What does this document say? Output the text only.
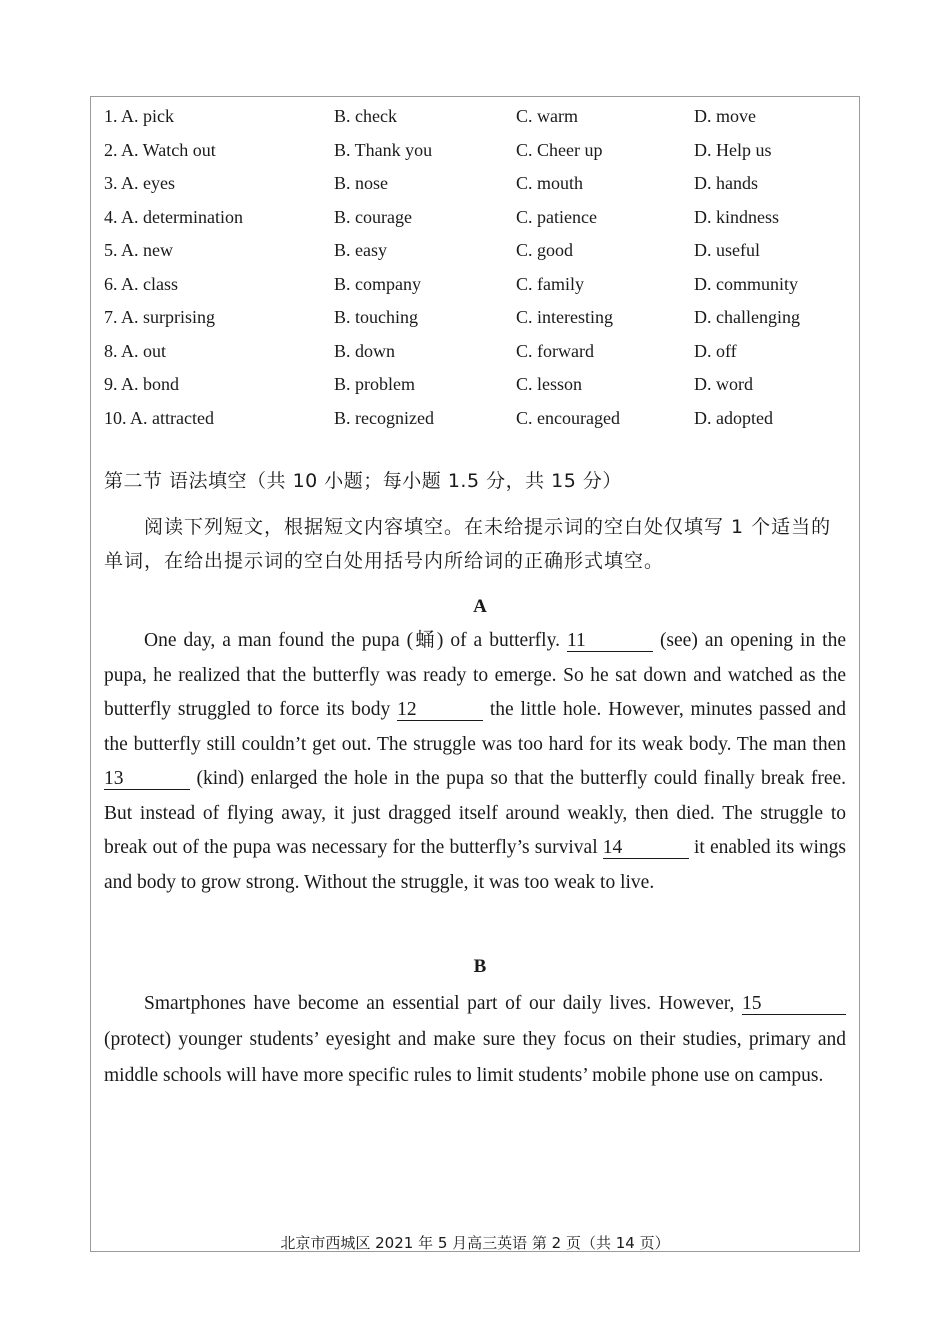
1. A. pick	B. check	C. warm	D. move
2. A. Watch out	B. Thank you	C. Cheer up	D. Help us
3. A. eyes	B. nose	C. mouth	D. hands
4. A. determination	B. courage	C. patience	D. kindness
5. A. new	B. easy	C. good	D. useful
6. A. class	B. company	C. family	D. community
7. A. surprising	B. touching	C. interesting	D. challenging
8. A. out	B. down	C. forward	D. off
9. A. bond	B. problem	C. lesson	D. word
10. A. attracted	B. recognized	C. encouraged	D. adopted
第二节 语法填空（共 10 小题；每小题 1.5 分，共 15 分）
阅读下列短文，根据短文内容填空。在未给提示词的空白处仅填写 1 个适当的单词，在给出提示词的空白处用括号内所给词的正确形式填空。
A

One day, a man found the pupa (蛹) of a butterfly. 11	(see) an opening in the pupa, he realized that the butterfly was ready to emerge. So he sat down and watched as the butterfly struggled to force its body 12	the little hole. However, minutes passed and the butterfly still couldn’t get out. The struggle was too hard for its weak body. The man then 13	(kind) enlarged the hole in the pupa so that the butterfly could finally break free. But instead of flying away, it just dragged itself around weakly, then died. The struggle to break out of the pupa was necessary for the butterfly’s survival 14	it enabled its wings and body to grow strong. Without the struggle, it was too weak to live.

B

Smartphones have become an essential part of our daily lives. However, 15 (protect) younger students’ eyesight and make sure they focus on their studies, primary and middle schools will have more specific rules to limit students’ mobile phone use on campus.

北京市西城区 2021 年 5 月高三英语 第 2 页（共 14 页）
